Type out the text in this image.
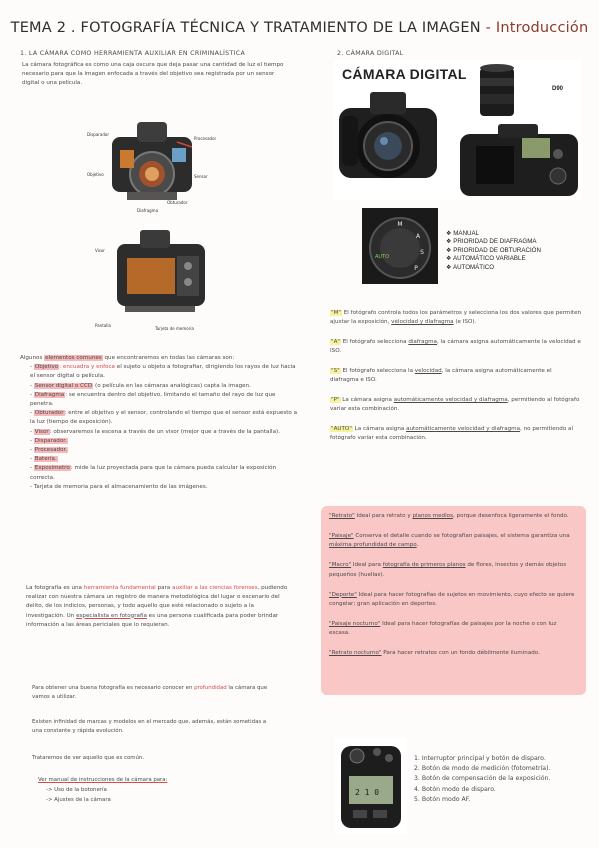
TEMA 2 . FOTOGRAFÍA TÉCNICA Y TRATAMIENTO DE LA IMAGEN - Introducción
1. LA CÁMARA COMO HERRAMIENTA AUXILIAR EN CRIMINALÍSTICA
La cámara fotográfica es como una caja oscura que deja pasar una cantidad de luz el tiempo necesario para que la imagen enfocada a través del objetivo sea registrada por un sensor digital o una película.
Disparador
Procesador
Sensor
Objetivo
Diafragma
Obturador
Visor
Pantalla
Tarjeta de memoria

Algunos elementos comunes que encontraremos en todas las cámaras son:

- Objetivo: encuadra y enfoca el sujeto u objeto a fotografiar, dirigiendo los rayos de luz hacia el sensor digital o película.
- Sensor digital o CCD (o película en las cámaras analógicas) capta la imagen.
- Diafragma: se encuentra dentro del objetivo, limitando el tamaño del rayo de luz que penetra.
- Obturador: entre el objetivo y el sensor, controlando el tiempo que el sensor está expuesto a la luz (tiempo de exposición).
- Visor: observaremos la escena a través de un visor (mejor que a través de la pantalla).
- Disparador.
- Procesador.
- Batería.
- Exposímetro: mide la luz proyectada para que la cámara pueda calcular la exposición correcta.
- Tarjeta de memoria para el almacenamiento de las imágenes.
La fotografía es una herramienta fundamental para auxiliar a las ciencias forenses, pudiendo realizar con nuestra cámara un registro de manera metodológica del lugar o escenario del delito, de los indicios, personas, y todo aquello que esté relacionado o sujeto a la investigación. Un especialista en fotografía es una persona cualificada para poder brindar información a las áreas periciales que lo requieran.
Para obtener una buena fotografía es necesario conocer en profundidad la cámara que vamos a utilizar.
Existen infinidad de marcas y modelos en el mercado que, además, están sometidas a una constante y rápida evolución.
Trataremos de ver aquello que es común.
Ver manual de instrucciones de la cámara para:
-> Uso de la botonería
-> Ajustes de la cámara
2. CÁMARA DIGITAL
CÁMARA DIGITAL
D90
M
A
S
P
AUTO
❖ MANUAL
❖ PRIORIDAD DE DIAFRAGMA
❖ PRIORIDAD DE OBTURACIÓN
❖ AUTOMÁTICO VARIABLE
❖ AUTOMÁTICO

"M" El fotógrafo controla todos los parámetros y selecciona los dos valores que permiten ajustar la exposición, velocidad y diafragma (e ISO).

"A" El fotógrafo selecciona diafragma, la cámara asigna automáticamente la velocidad e ISO.

"S" El fotógrafo selecciona la velocidad, la cámara asigna automáticamente el diafragma e ISO.

"P" La cámara asigna automáticamente velocidad y diafragma, permitiendo al fotógrafo variar esta combinación.

"AUTO" La cámara asigna automáticamente velocidad y diafragma, no permitiendo al fotógrafo variar esta combinación.

"Retrato" Ideal para retrato y planos medios, porque desenfoca ligeramente el fondo.

"Paisaje" Conserva el detalle cuando se fotografían paisajes, el sistema garantiza una máxima profundidad de campo.

"Macro" Ideal para fotografía de primeros planos de flores, insectos y demás objetos pequeños (huellas).

"Deporte" Ideal para hacer fotografías de sujetos en movimiento, cuyo efecto se quiere congelar; gran aplicación en deportes.

"Paisaje nocturno" Ideal para hacer fotografías de paisajes por la noche o con luz escasa.

"Retrato nocturno" Para hacer retratos con un fondo débilmente iluminado.

2 1 0
1. Interruptor principal y botón de disparo.
2. Botón de modo de medición (fotometría).
3. Botón de compensación de la exposición.
4. Botón modo de disparo.
5. Botón modo AF.
